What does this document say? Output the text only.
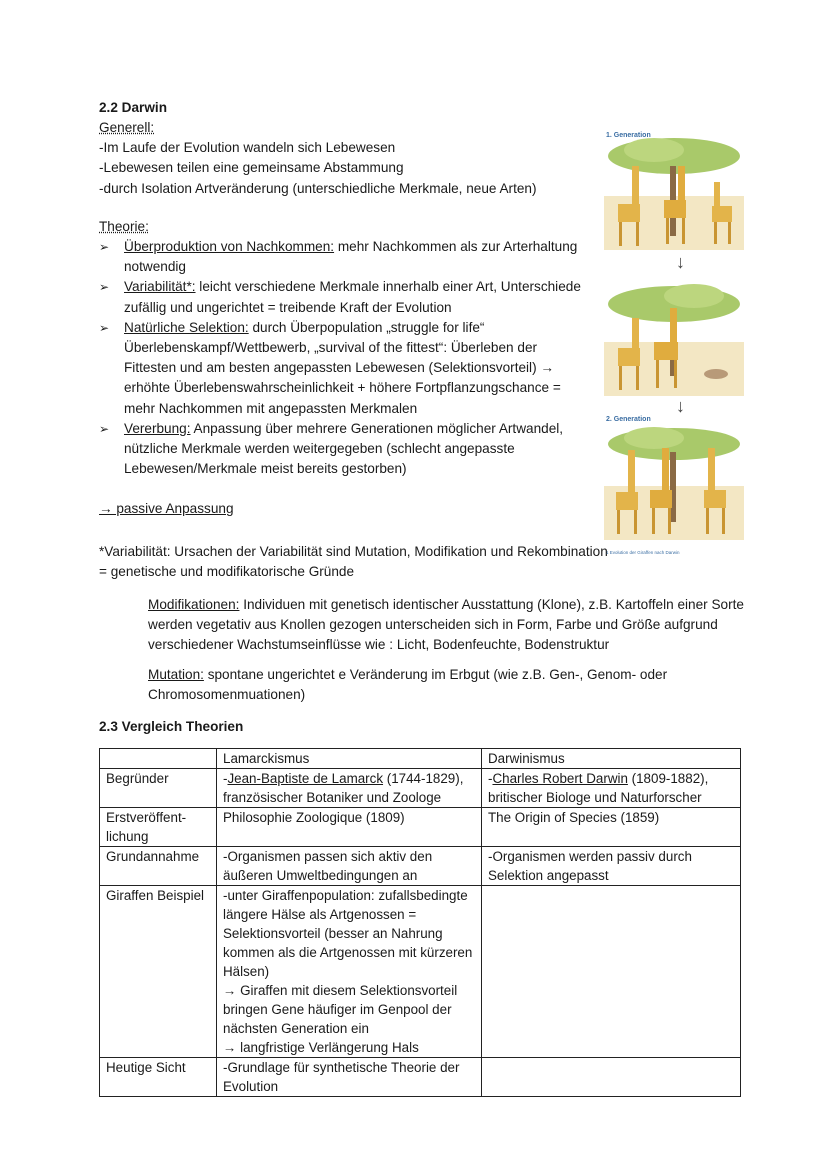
2.2 Darwin

Generell:

-Im Laufe der Evolution wandeln sich Lebewesen

-Lebewesen teilen eine gemeinsame Abstammung

-durch Isolation Artveränderung (unterschiedliche Merkmale, neue Arten)

Theorie:

➢ Überproduktion von Nachkommen: mehr Nachkommen als zur Arterhaltung notwendig
➢ Variabilität*: leicht verschiedene Merkmale innerhalb einer Art, Unterschiede zufällig und ungerichtet = treibende Kraft der Evolution
➢ Natürliche Selektion: durch Überpopulation „struggle for life“ Überlebenskampf/Wettbewerb, „survival of the fittest“: Überleben der Fittesten und am besten angepassten Lebewesen (Selektionsvorteil) → erhöhte Überlebenswahrscheinlichkeit + höhere Fortpflanzungschance = mehr Nachkommen mit angepassten Merkmalen
➢ Vererbung: Anpassung über mehrere Generationen möglicher Artwandel, nützliche Merkmale werden weitergegeben (schlecht angepasste Lebewesen/Merkmale meist bereits gestorben)

→ passive Anpassung

*Variabilität: Ursachen der Variabilität sind Mutation, Modifikation und Rekombination = genetische und modifikatorische Gründe

Modifikationen: Individuen mit genetisch identischer Ausstattung (Klone), z.B. Kartoffeln einer Sorte werden vegetativ aus Knollen gezogen unterscheiden sich in Form, Farbe und Größe aufgrund verschiedener Wachstumseinflüsse wie : Licht, Bodenfeuchte, Bodenstruktur

Mutation: spontane ungerichtet e Veränderung im Erbgut (wie z.B. Gen-, Genom- oder Chromosomenmuationen)

1. Generation
↓
2. Generation
↓
1 Evolution der Giraffen nach Darwin
2.3 Vergleich Theorien
	Lamarckismus	Darwinismus
Begründer	-Jean-Baptiste de Lamarck (1744-1829), französischer Botaniker und Zoologe	-Charles Robert Darwin (1809-1882), britischer Biologe und Naturforscher
Erstveröffent-lichung	Philosophie Zoologique (1809)	The Origin of Species (1859)
Grundannahme	-Organismen passen sich aktiv den äußeren Umweltbedingungen an	-Organismen werden passiv durch Selektion angepasst
Giraffen Beispiel	-unter Giraffenpopulation: zufallsbedingte längere Hälse als Artgenossen = Selektionsvorteil (besser an Nahrung kommen als die Artgenossen mit kürzeren Hälsen)
→ Giraffen mit diesem Selektionsvorteil bringen Gene häufiger im Genpool der nächsten Generation ein
→ langfristige Verlängerung Hals	

Heutige Sicht	-Grundlage für synthetische Theorie der Evolution	
